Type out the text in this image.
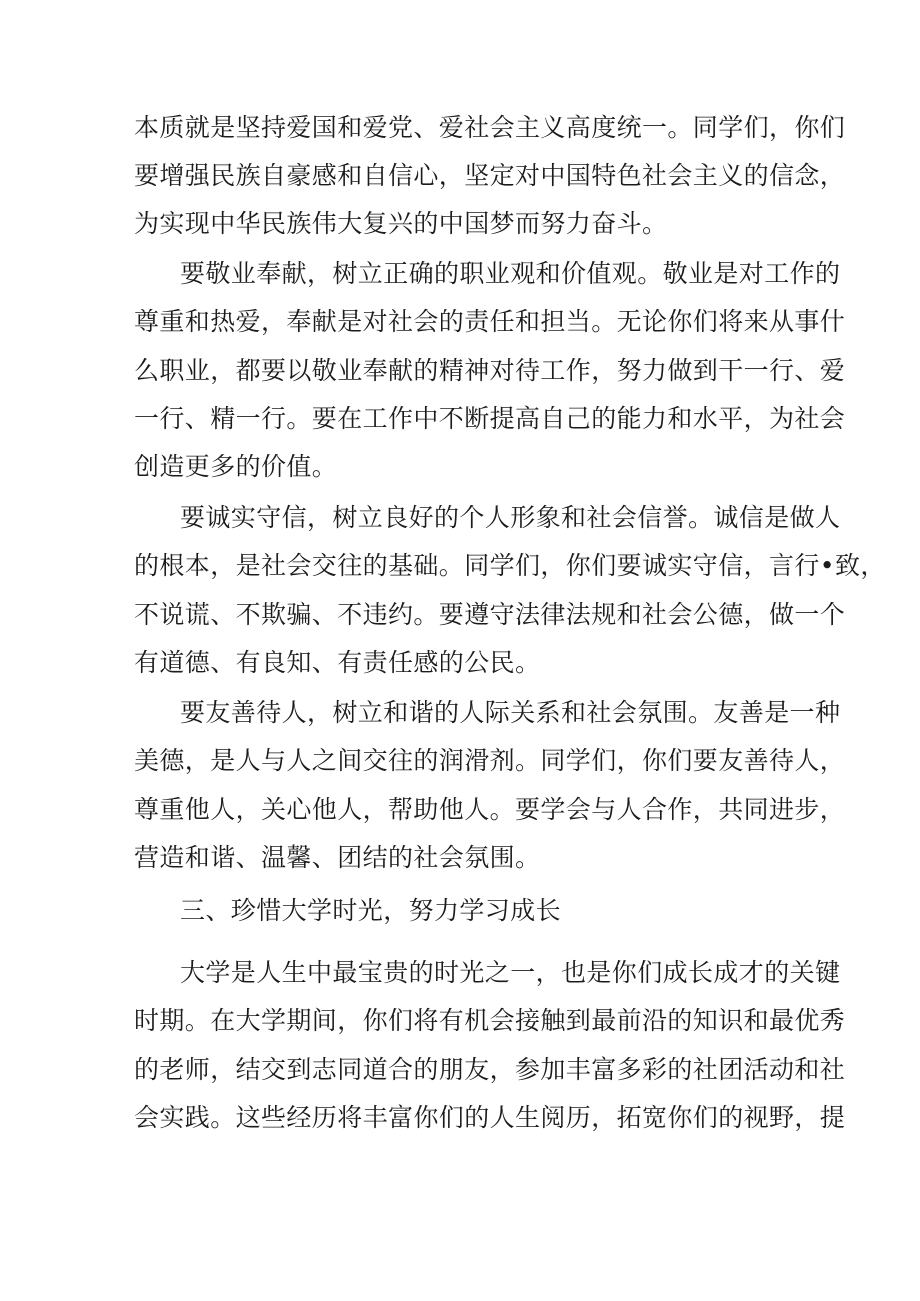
本质就是坚持爱国和爱党、爱社会主义高度统一。同学们，你们
要增强民族自豪感和自信心，坚定对中国特色社会主义的信念，
为实现中华民族伟大复兴的中国梦而努力奋斗。
要敬业奉献，树立正确的职业观和价值观。敬业是对工作的
尊重和热爱，奉献是对社会的责任和担当。无论你们将来从事什
么职业，都要以敬业奉献的精神对待工作，努力做到干一行、爱
一行、精一行。要在工作中不断提高自己的能力和水平，为社会
创造更多的价值。
要诚实守信，树立良好的个人形象和社会信誉。诚信是做人
的根本，是社会交往的基础。同学们，你们要诚实守信，言行•致，
不说谎、不欺骗、不违约。要遵守法律法规和社会公德，做一个
有道德、有良知、有责任感的公民。
要友善待人，树立和谐的人际关系和社会氛围。友善是一种
美德，是人与人之间交往的润滑剂。同学们，你们要友善待人，
尊重他人，关心他人，帮助他人。要学会与人合作，共同进步，
营造和谐、温馨、团结的社会氛围。
三、珍惜大学时光，努力学习成长
大学是人生中最宝贵的时光之一，也是你们成长成才的关键
时期。在大学期间，你们将有机会接触到最前沿的知识和最优秀
的老师，结交到志同道合的朋友，参加丰富多彩的社团活动和社
会实践。这些经历将丰富你们的人生阅历，拓宽你们的视野，提
